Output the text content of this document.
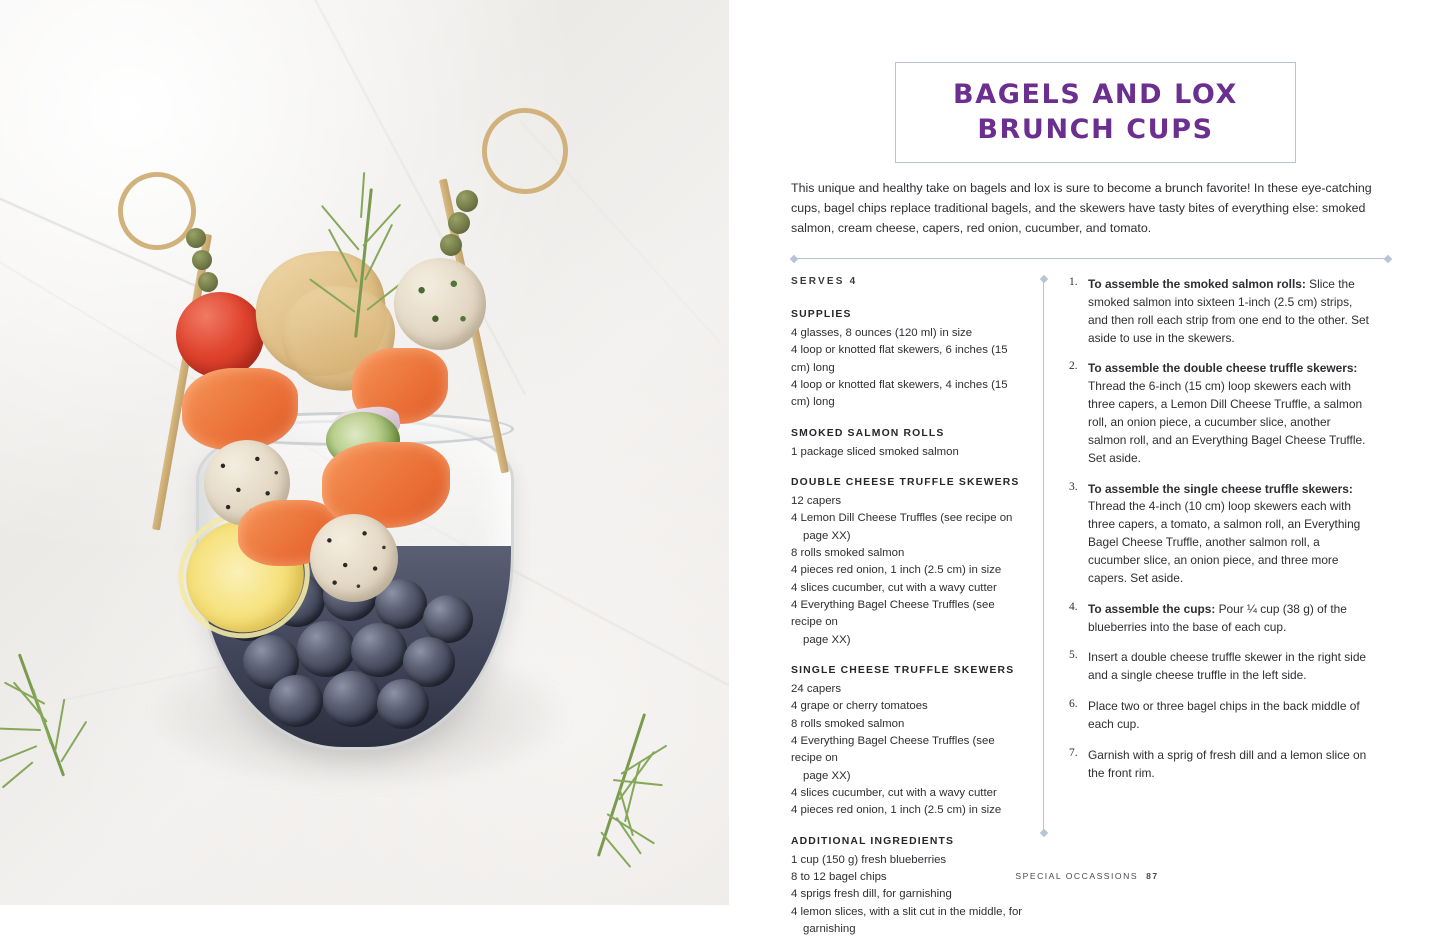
BAGELS AND LOX
BRUNCH CUPS
This unique and healthy take on bagels and lox is sure to become a brunch favorite! In these eye-catching cups, bagel chips replace traditional bagels, and the skewers have tasty bites of everything else: smoked salmon, cream cheese, capers, red onion, cucumber, and tomato.
SERVES 4
SUPPLIES
4 glasses, 8 ounces (120 ml) in size
4 loop or knotted flat skewers, 6 inches (15 cm) long
4 loop or knotted flat skewers, 4 inches (15 cm) long
SMOKED SALMON ROLLS
1 package sliced smoked salmon
DOUBLE CHEESE TRUFFLE SKEWERS
12 capers
4 Lemon Dill Cheese Truffles (see recipe on
page XX)
8 rolls smoked salmon
4 pieces red onion, 1 inch (2.5 cm) in size
4 slices cucumber, cut with a wavy cutter
4 Everything Bagel Cheese Truffles (see recipe on
page XX)
SINGLE CHEESE TRUFFLE SKEWERS
24 capers
4 grape or cherry tomatoes
8 rolls smoked salmon
4 Everything Bagel Cheese Truffles (see recipe on
page XX)
4 slices cucumber, cut with a wavy cutter
4 pieces red onion, 1 inch (2.5 cm) in size
ADDITIONAL INGREDIENTS
1 cup (150 g) fresh blueberries
8 to 12 bagel chips
4 sprigs fresh dill, for garnishing
4 lemon slices, with a slit cut in the middle, for
garnishing
1. To assemble the smoked salmon rolls: Slice the smoked salmon into sixteen 1-inch (2.5 cm) strips, and then roll each strip from one end to the other. Set aside to use in the skewers.
2. To assemble the double cheese truffle skewers: Thread the 6-inch (15 cm) loop skewers each with three capers, a Lemon Dill Cheese Truffle, a salmon roll, an onion piece, a cucumber slice, another salmon roll, and an Everything Bagel Cheese Truffle. Set aside.
3. To assemble the single cheese truffle skewers: Thread the 4-inch (10 cm) loop skewers each with three capers, a tomato, a salmon roll, an Everything Bagel Cheese Truffle, another salmon roll, a cucumber slice, an onion piece, and three more capers. Set aside.
4. To assemble the cups: Pour ¼ cup (38 g) of the blueberries into the base of each cup.
5. Insert a double cheese truffle skewer in the right side and a single cheese truffle in the left side.
6. Place two or three bagel chips in the back middle of each cup.
7. Garnish with a sprig of fresh dill and a lemon slice on the front rim.
SPECIAL OCCASSIONS 87
